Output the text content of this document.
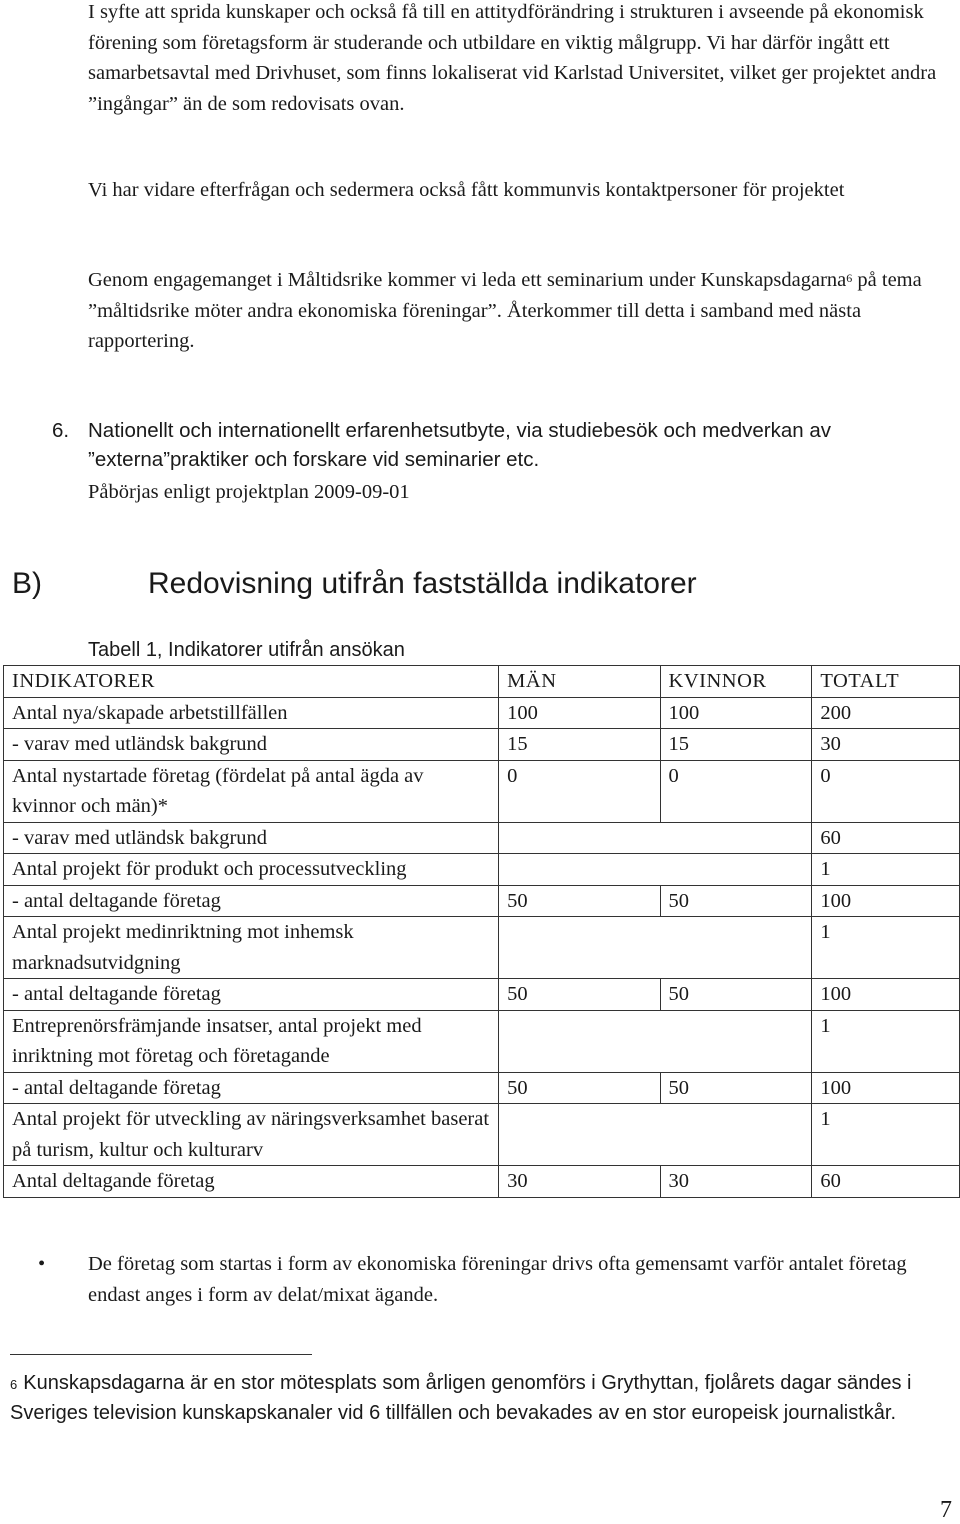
I syfte att sprida kunskaper och också få till en attitydförändring i strukturen i avseende på ekonomisk förening som företagsform är studerande och utbildare en viktig målgrupp. Vi har därför ingått ett samarbetsavtal med Drivhuset, som finns lokaliserat vid Karlstad Universitet, vilket ger projektet andra ”ingångar” än de som redovisats ovan.

Vi har vidare efterfrågan och sedermera också fått kommunvis kontaktpersoner för projektet

Genom engagemanget i Måltidsrike kommer vi leda ett seminarium under Kunskapsdagarna$^6$ på tema ”måltidsrike möter andra ekonomiska föreningar”. Återkommer till detta i samband med nästa rapportering.

6. Nationellt och internationellt erfarenhetsutbyte, via studiebesök och medverkan av ”externa”praktiker och forskare vid seminarier etc.

Påbörjas enligt projektplan 2009-09-01

B)	Redovisning utifrån fastställda indikatorer

Tabell 1, Indikatorer utifrån ansökan

INDIKATORER	MÄN	KVINNOR	TOTALT
Antal nya/skapade arbetstillfällen	100	100	200
- varav med utländsk bakgrund	15	15	30
Antal nystartade företag (fördelat på antal ägda av kvinnor och män)*	0	0	0
- varav med utländsk bakgrund			60
Antal projekt för produkt och processutveckling			1
- antal deltagande företag	50	50	100
Antal projekt medinriktning mot inhemsk marknadsutvidgning			1
- antal deltagande företag	50	50	100
Entreprenörsfrämjande insatser, antal projekt med inriktning mot företag och företagande			1
- antal deltagande företag	50	50	100
Antal projekt för utveckling av näringsverksamhet baserat på turism, kultur och kulturarv			1
Antal deltagande företag	30	30	60
•	De företag som startas i form av ekonomiska föreningar drivs ofta gemensamt varför antalet företag endast anges i form av delat/mixat ägande.

$^6$ Kunskapsdagarna är en stor mötesplats som årligen genomförs i Grythyttan, fjolårets dagar sändes i Sveriges television kunskapskanaler vid 6 tillfällen och bevakades av en stor europeisk journalistkår.

7
